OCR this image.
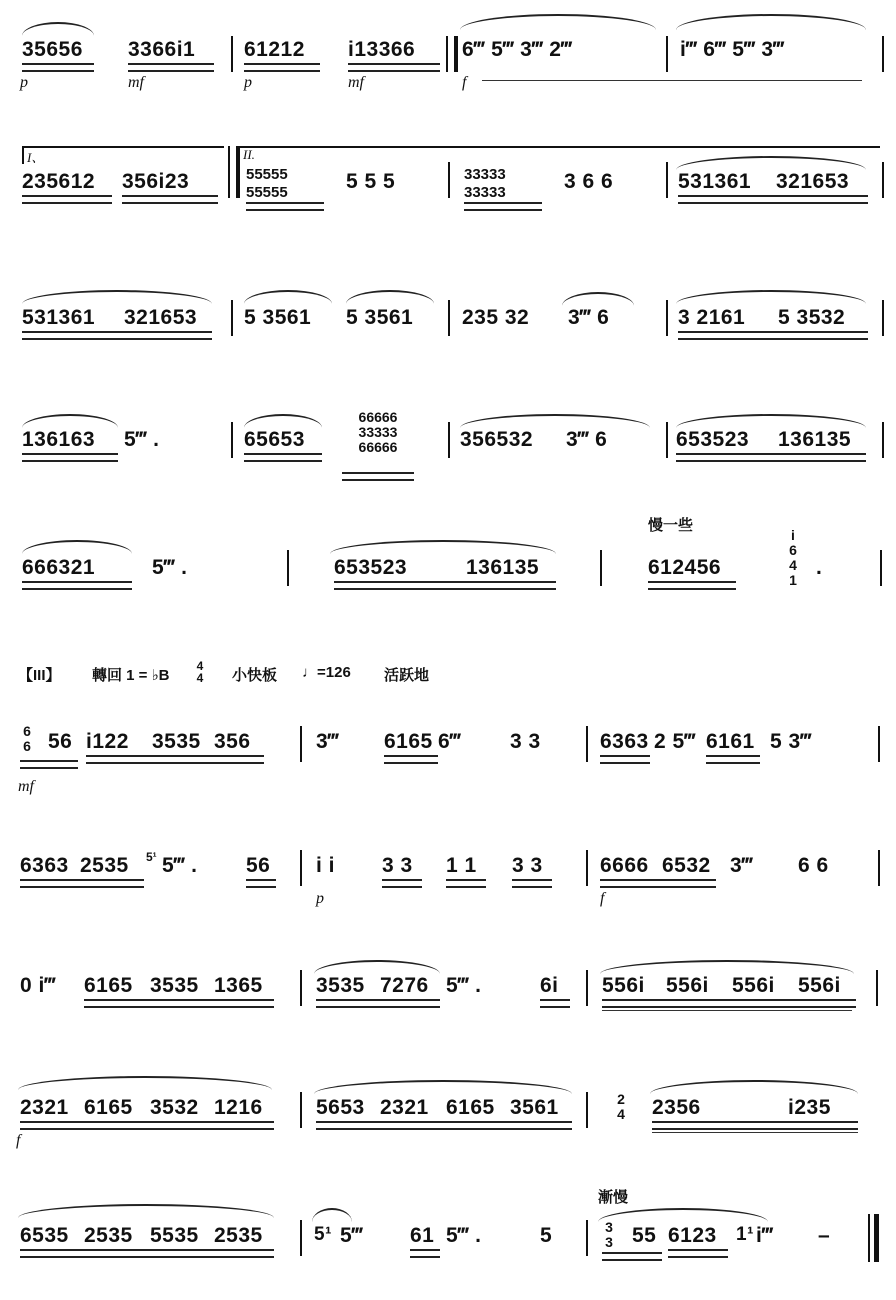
35656
p
3366i1
mf
61212
p
i13366
mf
6‴ 5‴ 3‴ 2‴
f
i‴ 6‴ 5‴ 3‴
I、
235612 356i23
II.
55555
55555	5 5 5	33333
33333	3 6 6	531361 321653
531361 321653 5 3561 5 3561 235 32 3‴ 6	3 2161 5 3532
136163 5‴ .	65653
66666
33333
66666	356532 3‴ 6	653523 136135
666321	5‴ .	653523	136135
慢一些
612456
i
6
4
1
.
【III】 轉回 1 = ♭B
4
4 小快板 ♩=126 活跃地
6
6
mf
56 i122 3535 356	3‴ 6165 6‴ 3 3	6363 2 5‴ 6161 5 3‴
6363 2535 5¹ 5‴ . 56 i i
p
3 3 1 1 3 3	6666
f
6532 3‴ 6 6
0 i‴ 6165 3535 1365	3535 7276 5‴ .	6i 556i 556i 556i 556i
2321 6165 3532 1216
f
5653 2321 6165 3561	2
4 2356	i235
漸慢
6535 2535 5535 2535	5¹ 5‴ 61 5‴ .	5	3
3 55 6123 1¹ i‴ –
